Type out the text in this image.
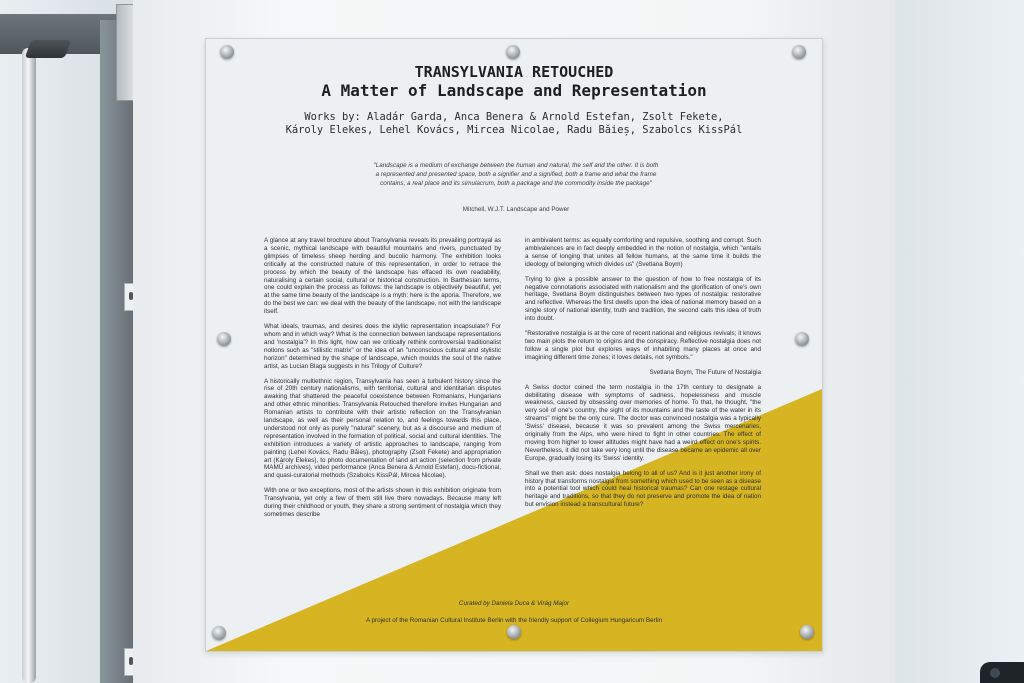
TRANSYLVANIA RETOUCHED
A Matter of Landscape and Representation
Works by: Aladár Garda, Anca Benera & Arnold Estefan, Zsolt Fekete,
Károly Elekes, Lehel Kovács, Mircea Nicolae, Radu Băieș, Szabolcs KissPál
"Landscape is a medium of exchange between the human and natural, the self and the other. It is both a represented and presented space, both a signifier and a signified, both a frame and what the frame contains, a real place and its simulacrum, both a package and the commodity inside the package"
Mitchell, W.J.T. Landscape and Power

A glance at any travel brochure about Transylvania reveals its prevailing portrayal as a scenic, mythical landscape with beautiful mountains and rivers, punctuated by glimpses of timeless sheep herding and bucolic harmony. The exhibition looks critically at the constructed nature of this representation, in order to retrace the process by which the beauty of the landscape has effaced its own readability, naturalising a certain social, cultural or historical construction. In Barthesian terms, one could explain the process as follows: the landscape is objectively beautiful, yet at the same time beauty of the landscape is a myth: here is the aporia. Therefore, we do the best we can: we deal with the beauty of the landscape, not with the landscape itself.

What ideals, traumas, and desires does the idyllic representation incapsulate? For whom and in which way? What is the connection between landscape representations and 'nostalgia'? In this light, how can we critically rethink controversial traditionalist notions such as "stilistic matrix" or the idea of an "unconscious cultural and stylistic horizon" determined by the shape of landscape, which moulds the soul of the native artist, as Lucian Blaga suggests in his Trilogy of Culture?

A historically multiethnic region, Transylvania has seen a turbulent history since the rise of 20th century nationalisms, with territorial, cultural and identitarian disputes awaking that shattered the peaceful coexistence between Romanians, Hungarians and other ethnic minorities. Transylvania Retouched therefore invites Hungarian and Romanian artists to contribute with their artistic reflection on the Transylvanian landscape, as well as their personal relation to, and feelings towards this place, understood not only as purely "natural" scenery, but as a discourse and medium of representation involved in the formation of political, social and cultural identities. The exhibition introduces a variety of artistic approaches to landscape, ranging from painting (Lehel Kovács, Radu Băieș), photography (Zsolt Fekete) and appropriation art (Károly Elekes), to photo documentation of land art action (selection from private MAMŰ archives), video performance (Anca Benera & Arnold Estefan), docu-fictional, and quasi-curatorial methods (Szabolcs KissPál, Mircea Nicolae).

With one or two exceptions, most of the artists shown in this exhibition originate from Transylvania, yet only a few of them still live there nowadays. Because many left during their childhood or youth, they share a strong sentiment of nostalgia which they sometimes describe

in ambivalent terms: as equally comforting and repulsive, soothing and corrupt. Such ambivalences are in fact deeply embedded in the notion of nostalgia, which "entails a sense of longing that unites all fellow humans, at the same time it builds the ideology of belonging which divides us" (Svetlana Boym)

Trying to give a possible answer to the question of how to free nostalgia of its negative connotations associated with nationalism and the glorification of one's own heritage, Svetlana Boym distinguishes between two types of nostalgia: restorative and reflective. Whereas the first dwells upon the idea of national memory based on a single story of national identity, truth and tradition, the second calls this idea of truth into doubt.

"Restorative nostalgia is at the core of recent national and religious revivals; it knows two main plots the return to origins and the conspiracy. Reflective nostalgia does not follow a single plot but explores ways of inhabiting many places at once and imagining different time zones; it loves details, not symbols."

Svetlana Boym, The Future of Nostalgia

A Swiss doctor coined the term nostalgia in the 17th century to designate a debilitating disease with symptoms of sadness, hopelessness and muscle weakness, caused by obsessing over memories of home. To that, he thought, "the very soil of one's country, the sight of its mountains and the taste of the water in its streams" might be the only cure. The doctor was convinced nostalgia was a typically 'Swiss' disease, because it was so prevalent among the Swiss mercenaries, originally from the Alps, who were hired to fight in other countries. The effect of moving from higher to lower altitudes might have had a weird effect on one's spirits. Nevertheless, it did not take very long until the disease became an epidemic all over Europe, gradually losing its 'Swiss' identity.

Shall we then ask: does nostalgia belong to all of us? And is it just another irony of history that transforms nostalgia from something which used to be seen as a disease into a potential tool which could heal historical traumas? Can one restage cultural heritage and traditions, so that they do not preserve and promote the idea of nation but envision instead a transcultural future?

Curated by Daniela Duca & Virág Major
A project of the Romanian Cultural Institute Berlin with the friendly support of Collegium Hungaricum Berlin
